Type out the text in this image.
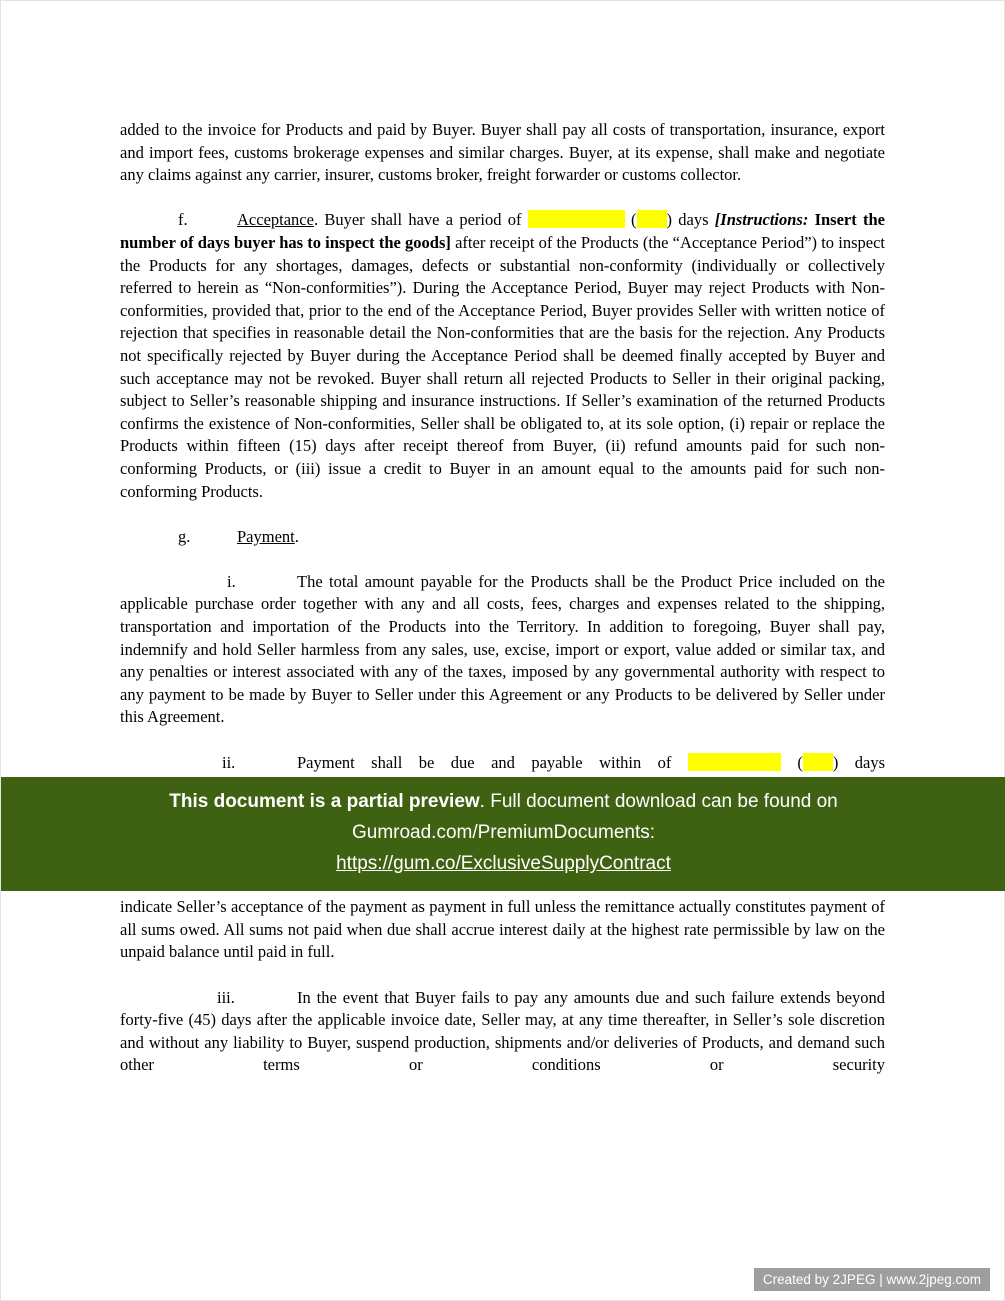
added to the invoice for Products and paid by Buyer. Buyer shall pay all costs of transportation, insurance, export and import fees, customs brokerage expenses and similar charges. Buyer, at its expense, shall make and negotiate any claims against any carrier, insurer, customs broker, freight forwarder or customs collector.

f.	Acceptance. Buyer shall have a period of	( ) days [Instructions: Insert the number of days buyer has to inspect the goods] after receipt of the Products (the “Acceptance Period”) to inspect the Products for any shortages, damages, defects or substantial non-conformity (individually or collectively referred to herein as “Non-conformities”). During the Acceptance Period, Buyer may reject Products with Non-conformities, provided that, prior to the end of the Acceptance Period, Buyer provides Seller with written notice of rejection that specifies in reasonable detail the Non-conformities that are the basis for the rejection. Any Products not specifically rejected by Buyer during the Acceptance Period shall be deemed finally accepted by Buyer and such acceptance may not be revoked. Buyer shall return all rejected Products to Seller in their original packing, subject to Seller’s reasonable shipping and insurance instructions. If Seller’s examination of the returned Products confirms the existence of Non-conformities, Seller shall be obligated to, at its sole option, (i) repair or replace the Products within fifteen (15) days after receipt thereof from Buyer, (ii) refund amounts paid for such non-conforming Products, or (iii) issue a credit to Buyer in an amount equal to the amounts paid for such non-conforming Products.

g.	Payment.

i.	The total amount payable for the Products shall be the Product Price included on the applicable purchase order together with any and all costs, fees, charges and expenses related to the shipping, transportation and importation of the Products into the Territory. In addition to foregoing, Buyer shall pay, indemnify and hold Seller harmless from any sales, use, excise, import or export, value added or similar tax, and any penalties or interest associated with any of the taxes, imposed by any governmental authority with respect to any payment to be made by Buyer to Seller under this Agreement or any Products to be delivered by Seller under this Agreement.

ii.	Payment shall be due and payable within of	( ) days

This document is a partial preview. Full document download can be found on
Gumroad.com/PremiumDocuments:
https://gum.co/ExclusiveSupplyContract

indicate Seller’s acceptance of the payment as payment in full unless the remittance actually constitutes payment of all sums owed. All sums not paid when due shall accrue interest daily at the highest rate permissible by law on the unpaid balance until paid in full.

iii.	In the event that Buyer fails to pay any amounts due and such failure extends beyond forty-five (45) days after the applicable invoice date, Seller may, at any time thereafter, in Seller’s sole discretion and without any liability to Buyer, suspend production, shipments and/or deliveries of Products, and demand such other terms or conditions or security

Created by 2JPEG | www.2jpeg.com
